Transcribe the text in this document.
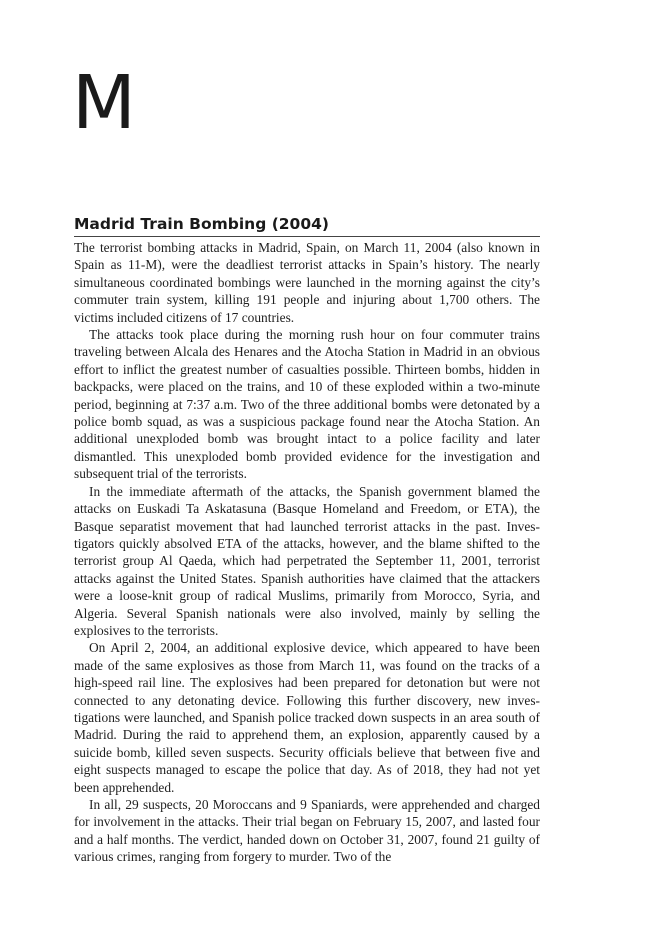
M
Madrid Train Bombing (2004)

The terrorist bombing attacks in Madrid, Spain, on March 11, 2004 (also known in Spain as 11-M), were the deadliest terrorist attacks in Spain’s history. The nearly simultaneous coordinated bombings were launched in the morning against the city’s commuter train system, killing 191 people and injuring about 1,700 others. The victims included citizens of 17 countries.

The attacks took place during the morning rush hour on four commuter trains traveling between Alcala des Henares and the Atocha Station in Madrid in an obvious effort to inflict the greatest number of casualties possible. Thirteen bombs, hidden in backpacks, were placed on the trains, and 10 of these exploded within a two-minute period, beginning at 7:37 a.m. Two of the three additional bombs were detonated by a police bomb squad, as was a suspicious package found near the Atocha Station. An additional unexploded bomb was brought intact to a police facility and later dismantled. This unexploded bomb provided evidence for the investigation and subsequent trial of the terrorists.

In the immediate aftermath of the attacks, the Spanish government blamed the attacks on Euskadi Ta Askatasuna (Basque Homeland and Freedom, or ETA), the Basque separatist movement that had launched terrorist attacks in the past. Investigators quickly absolved ETA of the attacks, however, and the blame shifted to the terrorist group Al Qaeda, which had perpetrated the September 11, 2001, terrorist attacks against the United States. Spanish authorities have claimed that the attackers were a loose-knit group of radical Muslims, primarily from Morocco, Syria, and Algeria. Several Spanish nationals were also involved, mainly by selling the explosives to the terrorists.

On April 2, 2004, an additional explosive device, which appeared to have been made of the same explosives as those from March 11, was found on the tracks of a high-speed rail line. The explosives had been prepared for detonation but were not connected to any detonating device. Following this further discovery, new investigations were launched, and Spanish police tracked down suspects in an area south of Madrid. During the raid to apprehend them, an explosion, apparently caused by a suicide bomb, killed seven suspects. Security officials believe that between five and eight suspects managed to escape the police that day. As of 2018, they had not yet been apprehended.

In all, 29 suspects, 20 Moroccans and 9 Spaniards, were apprehended and charged for involvement in the attacks. Their trial began on February 15, 2007, and lasted four and a half months. The verdict, handed down on October 31, 2007, found 21 guilty of various crimes, ranging from forgery to murder. Two of the
